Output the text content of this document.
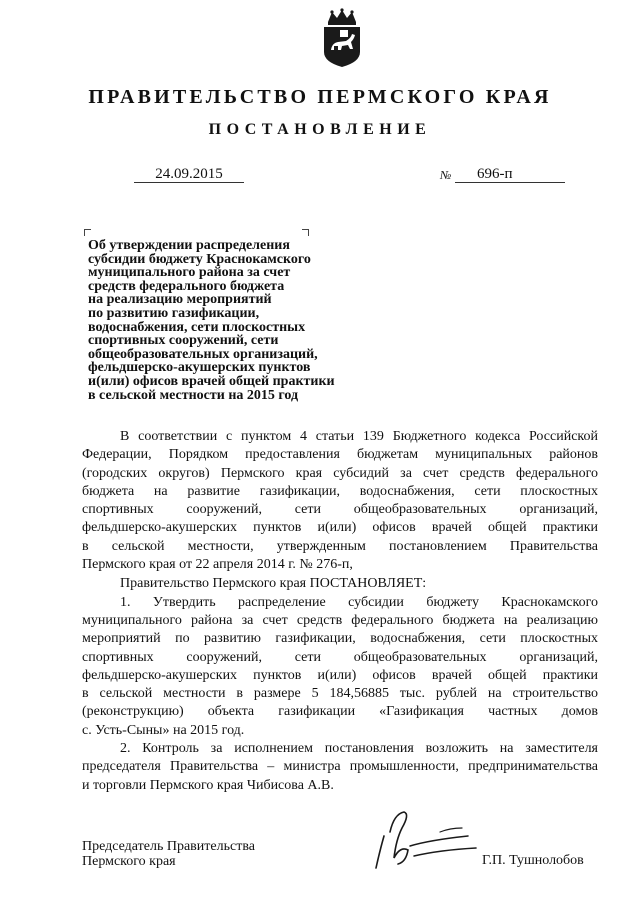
ПРАВИТЕЛЬСТВО ПЕРМСКОГО КРАЯ
ПОСТАНОВЛЕНИЕ
24.09.2015	№	696-п
Об утверждении распределения
субсидии бюджету Краснокамского
муниципального района за счет
средств федерального бюджета
на реализацию мероприятий
по развитию газификации,
водоснабжения, сети плоскостных
спортивных сооружений, сети
общеобразовательных организаций,
фельдшерско-акушерских пунктов
и(или) офисов врачей общей практики
в сельской местности на 2015 год
В соответствии с пунктом 4 статьи 139 Бюджетного кодекса Российской
Федерации, Порядком предоставления бюджетам муниципальных районов
(городских округов) Пермского края субсидий за счет средств федерального
бюджета на развитие газификации, водоснабжения, сети плоскостных
спортивных сооружений, сети общеобразовательных организаций,
фельдшерско-акушерских пунктов и(или) офисов врачей общей практики
в сельской местности, утвержденным постановлением Правительства
Пермского края от 22 апреля 2014 г. № 276-п,
Правительство Пермского края ПОСТАНОВЛЯЕТ:
1. Утвердить распределение субсидии бюджету Краснокамского
муниципального района за счет средств федерального бюджета на реализацию
мероприятий по развитию газификации, водоснабжения, сети плоскостных
спортивных сооружений, сети общеобразовательных организаций,
фельдшерско-акушерских пунктов и(или) офисов врачей общей практики
в сельской местности в размере 5 184,56885 тыс. рублей на строительство
(реконструкцию) объекта газификации «Газификация частных домов
с. Усть-Сыны» на 2015 год.
2. Контроль за исполнением постановления возложить на заместителя
председателя Правительства – министра промышленности, предпринимательства
и торговли Пермского края Чибисова А.В.
Председатель Правительства
Пермского края	Г.П. Тушнолобов
